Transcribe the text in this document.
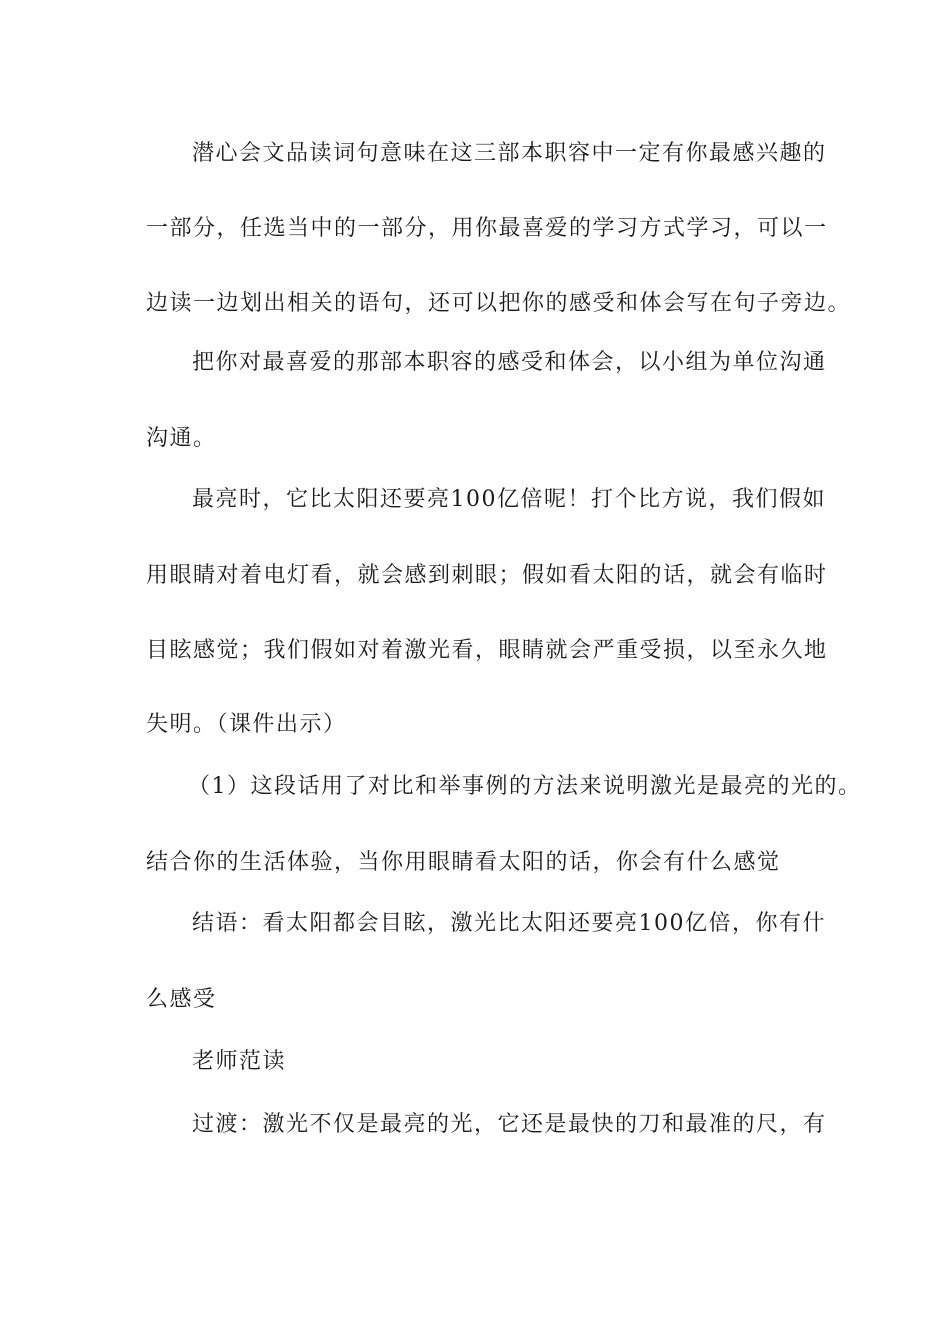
潜心会文品读词句意味在这三部本职容中一定有你最感兴趣的
一部分，任选当中的一部分，用你最喜爱的学习方式学习，可以一
边读一边划出相关的语句，还可以把你的感受和体会写在句子旁边。
把你对最喜爱的那部本职容的感受和体会，以小组为单位沟通
沟通。
最亮时，它比太阳还要亮100亿倍呢！打个比方说，我们假如
用眼睛对着电灯看，就会感到刺眼；假如看太阳的话，就会有临时
目眩感觉；我们假如对着激光看，眼睛就会严重受损，以至永久地
失明。（课件出示）
（1）这段话用了对比和举事例的方法来说明激光是最亮的光的。
结合你的生活体验，当你用眼睛看太阳的话，你会有什么感觉
结语：看太阳都会目眩，激光比太阳还要亮100亿倍，你有什
么感受
老师范读
过渡：激光不仅是最亮的光，它还是最快的刀和最准的尺，有
